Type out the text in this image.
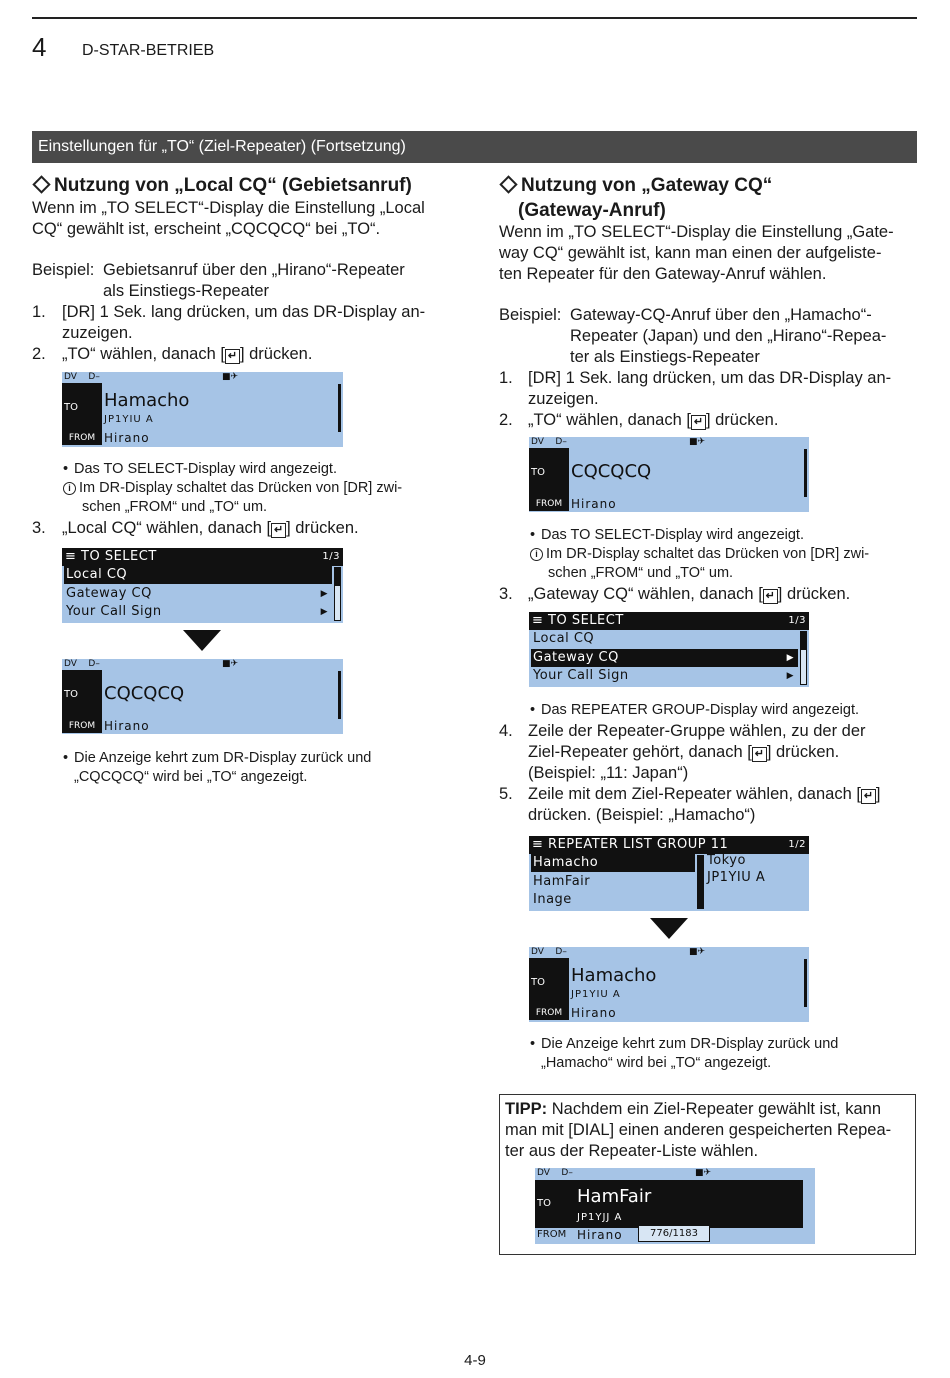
4 D-STAR-BETRIEB
Einstellungen für „TO“ (Ziel-Repeater) (Fortsetzung)
Nutzung von „Local CQ“ (Gebietsanruf)
Wenn im „TO SELECT“-Display die Einstellung „Local
CQ“ gewählt ist, erscheint „CQCQCQ“ bei „TO“.
Beispiel: Gebietsanruf über den „Hirano“-Repeater
als Einstiegs-Repeater
1. [DR] 1 Sek. lang drücken, um das DR-Display an-
zuzeigen.
2. „TO“ wählen, danach [ ↵ ] drücken.
DV D–	■✈
TO Hamacho
JP1YIU A
FROM Hirano
• Das TO SELECT-Display wird angezeigt.
i Im DR-Display schaltet das Drücken von [DR] zwi-
schen „FROM“ und „TO“ um.
3. „Local CQ“ wählen, danach [ ↵ ] drücken.
≡ TO SELECT	1/3
Local CQ
Gateway CQ	▶
Your Call Sign	▶
DV D–	■✈
TO CQCQCQ
FROM Hirano
• Die Anzeige kehrt zum DR-Display zurück und
„CQCQCQ“ wird bei „TO“ angezeigt.
Nutzung von „Gateway CQ“
(Gateway-Anruf)
Wenn im „TO SELECT“-Display die Einstellung „Gate-
way CQ“ gewählt ist, kann man einen der aufgeliste-
ten Repeater für den Gateway-Anruf wählen.
Beispiel: Gateway-CQ-Anruf über den „Hamacho“-
Repeater (Japan) und den „Hirano“-Repea-
ter als Einstiegs-Repeater
1. [DR] 1 Sek. lang drücken, um das DR-Display an-
zuzeigen.
2. „TO“ wählen, danach [ ↵ ] drücken.
DV D–	■✈
TO CQCQCQ
FROM Hirano
• Das TO SELECT-Display wird angezeigt.
i Im DR-Display schaltet das Drücken von [DR] zwi-
schen „FROM“ und „TO“ um.
3. „Gateway CQ“ wählen, danach [ ↵ ] drücken.
≡ TO SELECT	1/3
Local CQ
Gateway CQ	▶
Your Call Sign	▶
• Das REPEATER GROUP-Display wird angezeigt.
4. Zeile der Repeater-Gruppe wählen, zu der der
Ziel-Repeater gehört, danach [ ↵ ] drücken.
(Beispiel: „11: Japan“)
5. Zeile mit dem Ziel-Repeater wählen, danach [ ↵ ]
drücken. (Beispiel: „Hamacho“)
≡ REPEATER LIST GROUP 11	1/2
Hamacho
HamFair
Inage
Tokyo
JP1YIU A
DV D–	■✈
TO Hamacho
JP1YIU A
FROM Hirano
• Die Anzeige kehrt zum DR-Display zurück und
„Hamacho“ wird bei „TO“ angezeigt.
TIPP: Nachdem ein Ziel-Repeater gewählt ist, kann
man mit [DIAL] einen anderen gespeicherten Repea-
ter aus der Repeater-Liste wählen.
DV D–	■✈
TO HamFair
JP1YJJ A
FROM Hirano	776/1183
4-9
